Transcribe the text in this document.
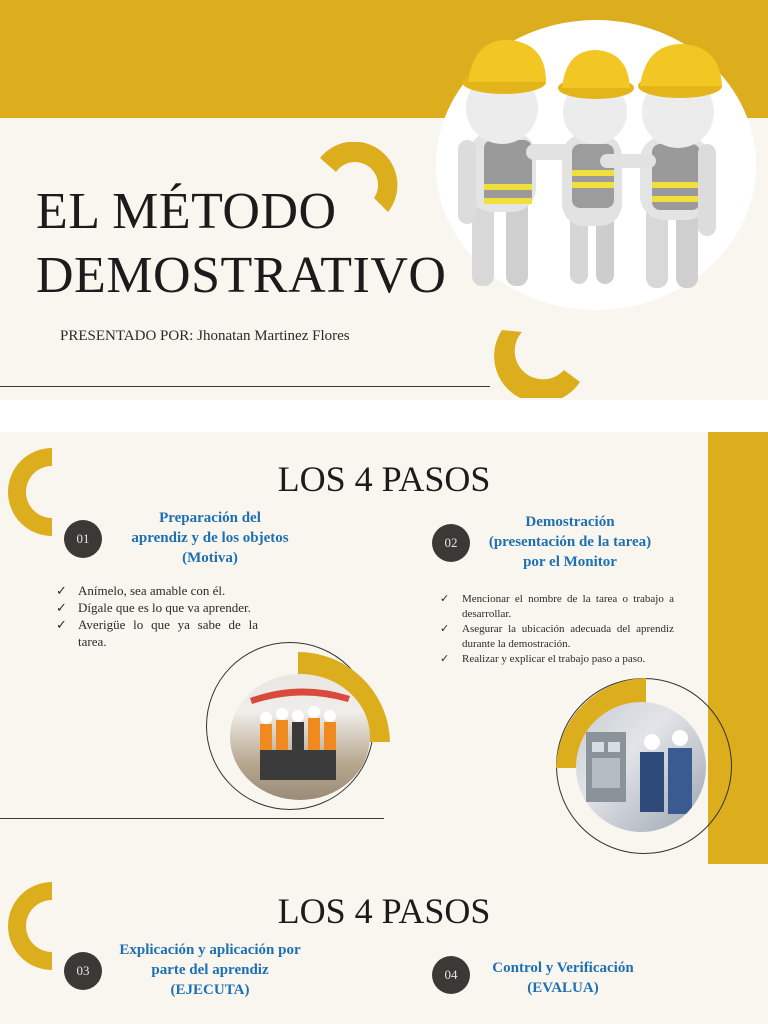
EL MÉTODO
DEMOSTRATIVO
PRESENTADO POR: Jhonatan Martinez Flores
LOS 4 PASOS
01
Preparación del
aprendiz y de los objetos
(Motiva)
✓ Anímelo, sea amable con él.
✓ Dígale que es lo que va aprender.
✓ Averigüe lo que ya sabe de la tarea.
02
Demostración
(presentación de la tarea)
por el Monitor
✓ Mencionar el nombre de la tarea o trabajo a desarrollar.
✓ Asegurar la ubicación adecuada del aprendiz durante la demostración.
✓ Realizar y explicar el trabajo paso a paso.
LOS 4 PASOS
03
Explicación y aplicación por
parte del aprendiz
(EJECUTA)
04	Control y Verificación
(EVALUA)
